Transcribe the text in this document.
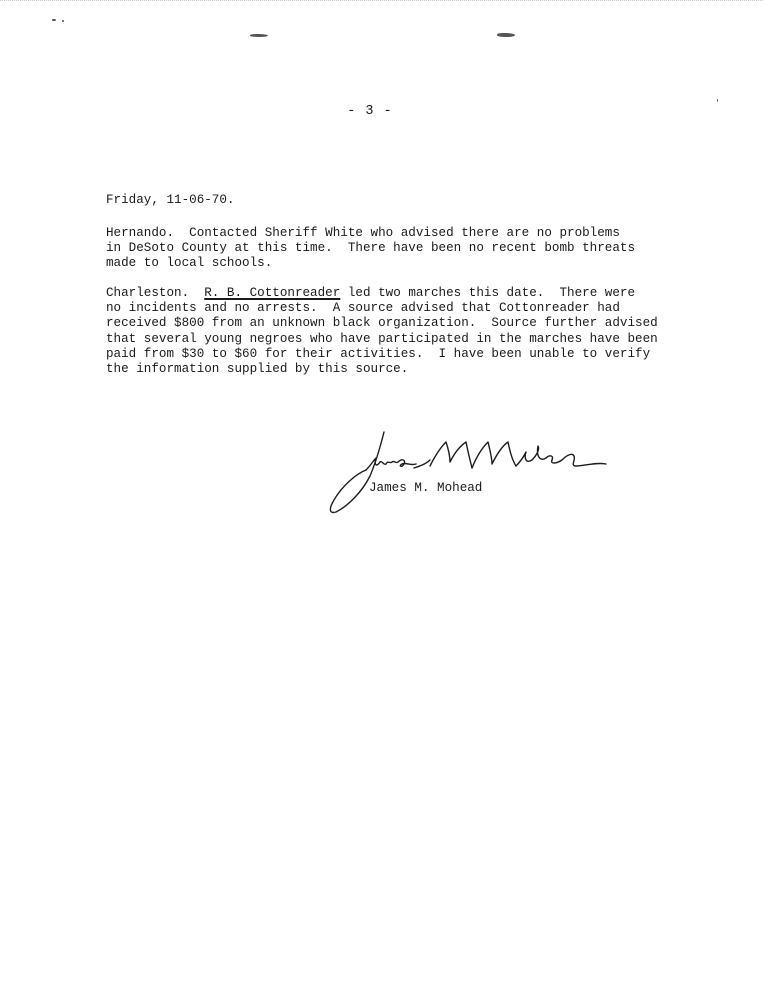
- 3 -

Friday, 11-06-70.

Hernando.  Contacted Sheriff White who advised there are no problems
in DeSoto County at this time.  There have been no recent bomb threats
made to local schools.
Charleston.  R. B. Cottonreader led two marches this date.  There were
no incidents and no arrests.  A source advised that Cottonreader had
received $800 from an unknown black organization.  Source further advised
that several young negroes who have participated in the marches have been
paid from $30 to $60 for their activities.  I have been unable to verify
the information supplied by this source.
James M. Mohead
